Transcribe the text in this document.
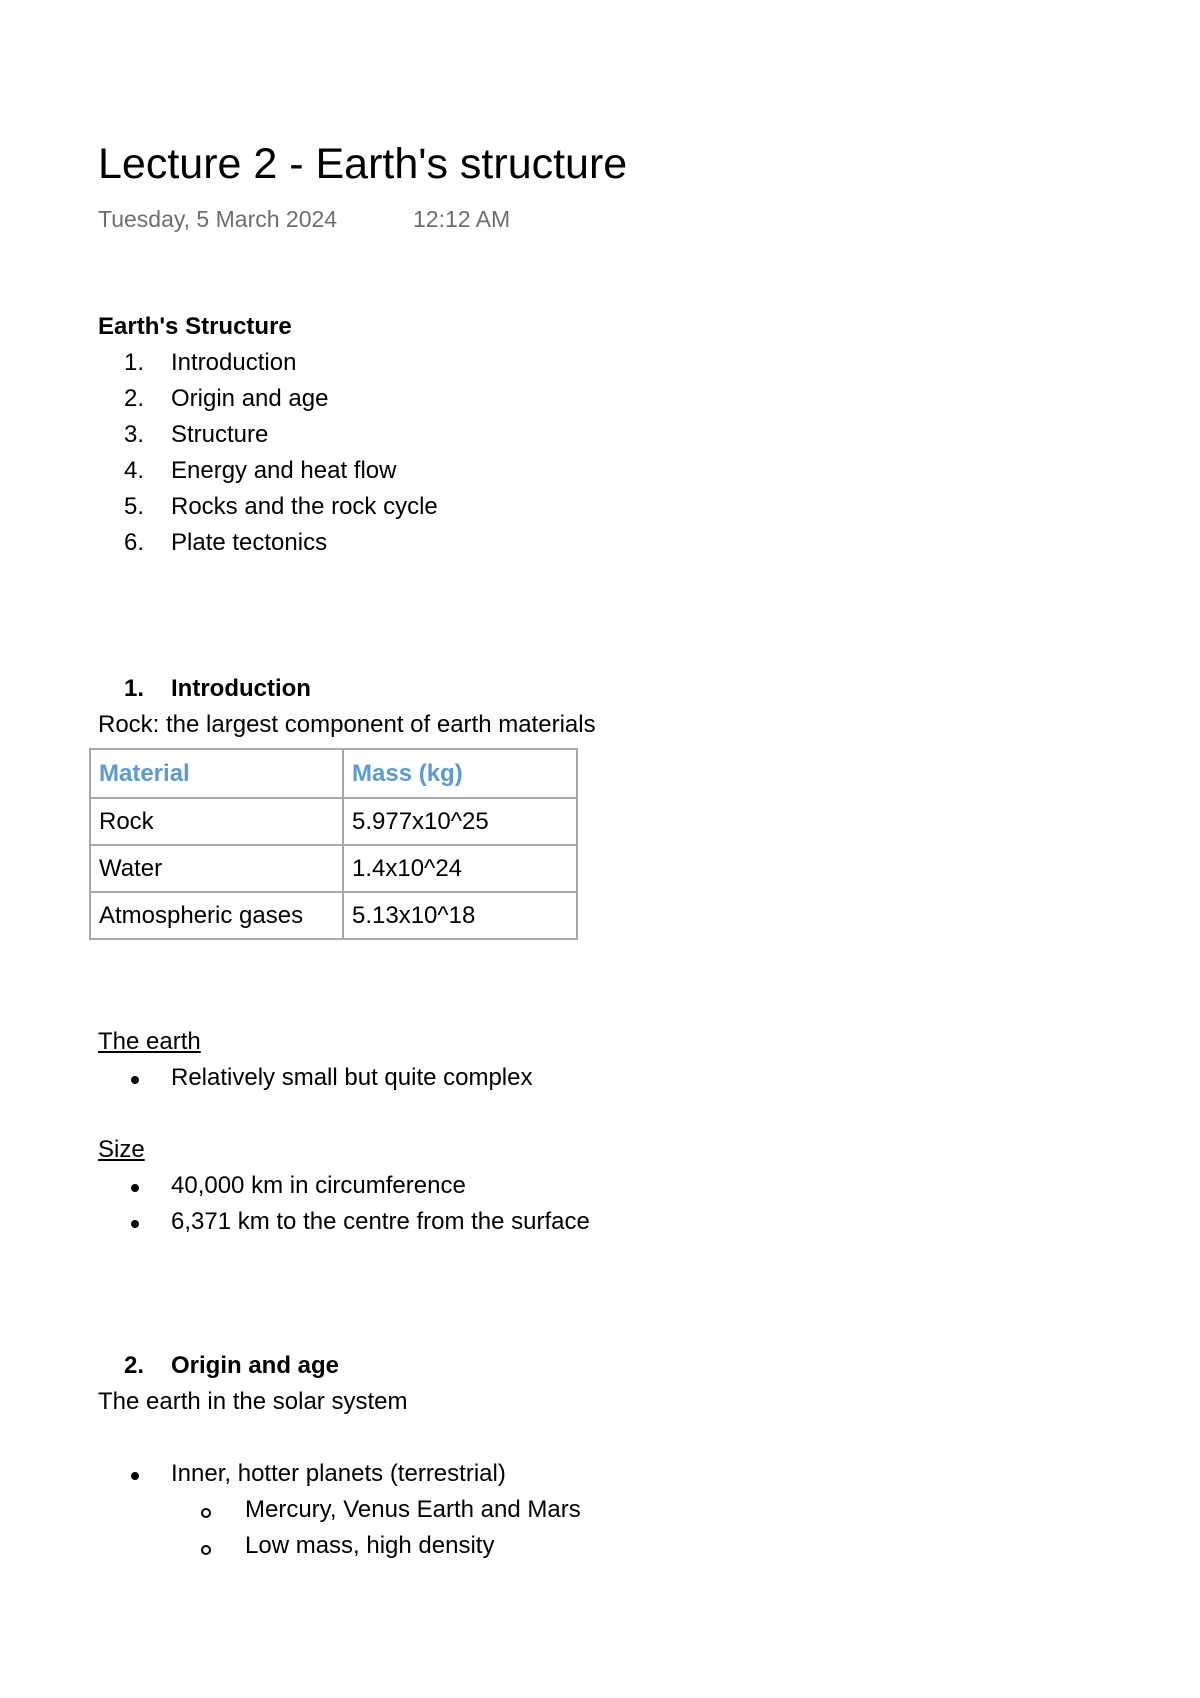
Lecture 2 - Earth's structure
Tuesday, 5 March 2024	12:12 AM
Earth's Structure
1. Introduction
2. Origin and age
3. Structure
4. Energy and heat flow
5. Rocks and the rock cycle
6. Plate tectonics
1. Introduction
Rock: the largest component of earth materials
Material	Mass (kg)
Rock	5.977x10^25
Water	1.4x10^24
Atmospheric gases	5.13x10^18
The earth
Relatively small but quite complex
Size
40,000 km in circumference
6,371 km to the centre from the surface
2. Origin and age
The earth in the solar system
Inner, hotter planets (terrestrial)
Mercury, Venus Earth and Mars
Low mass, high density
